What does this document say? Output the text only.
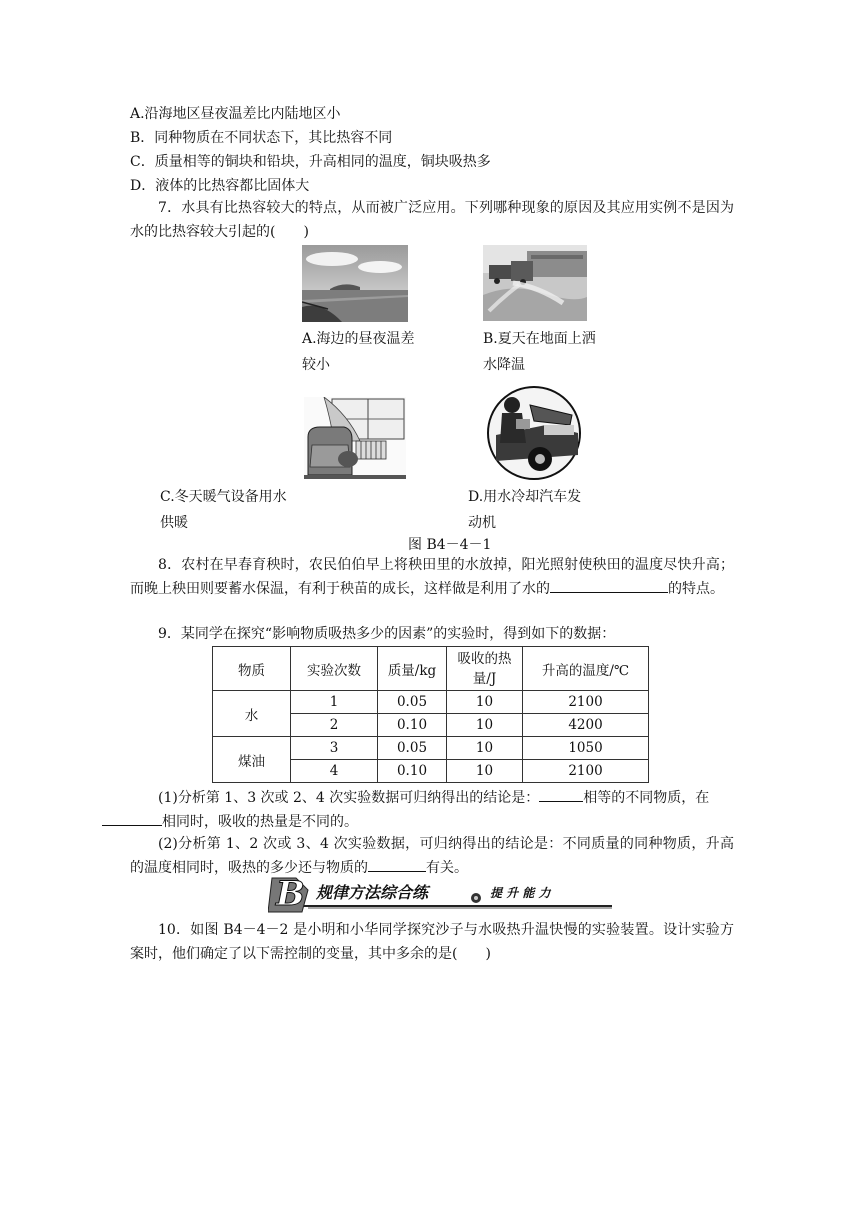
A.沿海地区昼夜温差比内陆地区小
B．同种物质在不同状态下，其比热容不同
C．质量相等的铜块和铅块，升高相同的温度，铜块吸热多
D．液体的比热容都比固体大
7．水具有比热容较大的特点，从而被广泛应用。下列哪种现象的原因及其应用实例不是因为水的比热容较大引起的(　　)
A.海边的昼夜温差
较小
B.夏天在地面上洒
水降温
C.冬天暖气设备用水
供暖
D.用水冷却汽车发
动机
图 B4－4－1
8．农村在早春育秧时，农民伯伯早上将秧田里的水放掉，阳光照射使秧田的温度尽快升高；而晚上秧田则要蓄水保温，有利于秧苗的成长，这样做是利用了水的	的特点。
9．某同学在探究“影响物质吸热多少的因素”的实验时，得到如下的数据：
物质	实验次数	质量/kg	吸收的热
量/J	升高的温度/℃
水	1	0.05	10	2100
	2	0.10	10	4200
煤油	3	0.05	10	1050
	4	0.10	10	2100
(1)分析第 1、3 次或 2、4 次实验数据可归纳得出的结论是：	相等的不同物质，在
相同时，吸收的热量是不同的。
(2)分析第 1、2 次或 3、4 次实验数据，可归纳得出的结论是：不同质量的同种物质，升高的温度相同时，吸热的多少还与物质的	有关。
B 规律方法综合练	提 升 能 力
10．如图 B4－4－2 是小明和小华同学探究沙子与水吸热升温快慢的实验装置。设计实验方案时，他们确定了以下需控制的变量，其中多余的是(　　)
